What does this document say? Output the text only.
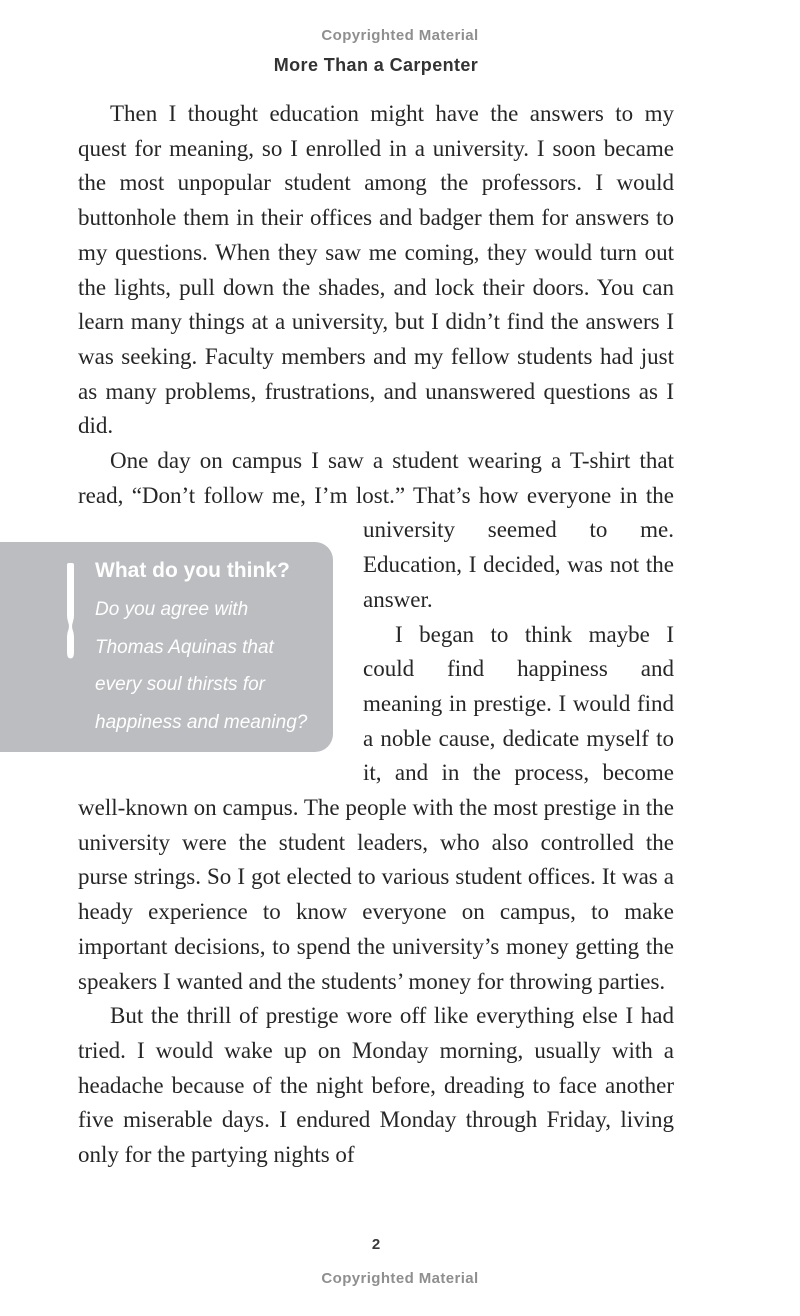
Copyrighted Material
More Than a Carpenter

Then I thought education might have the answers to my quest for meaning, so I enrolled in a university. I soon became the most unpopular student among the professors. I would buttonhole them in their offices and badger them for answers to my questions. When they saw me coming, they would turn out the lights, pull down the shades, and lock their doors. You can learn many things at a university, but I didn’t find the answers I was seeking. Faculty members and my fellow students had just as many problems, frustrations, and unanswered questions as I did.

One day on campus I saw a student wearing a T-shirt that read, “Don’t follow me, I’m lost.” That’s how everyone
What do you think?
Do you agree with Thomas Aquinas that every soul thirsts for happiness and meaning?
in the university seemed to me. Education, I decided, was not the answer.

I began to think maybe I could find happiness and meaning in prestige. I would find a noble cause, dedicate myself to it, and in the process, become well-known on campus. The people with the most prestige in the university were the student leaders, who also controlled the purse strings. So I got elected to various student offices. It was a heady experience to know everyone on campus, to make important decisions, to spend the university’s money getting the speakers I wanted and the students’ money for throwing parties.

But the thrill of prestige wore off like everything else I had tried. I would wake up on Monday morning, usually with a headache because of the night before, dreading to face another five miserable days. I endured Monday through Friday, living only for the partying nights of

2
Copyrighted Material
